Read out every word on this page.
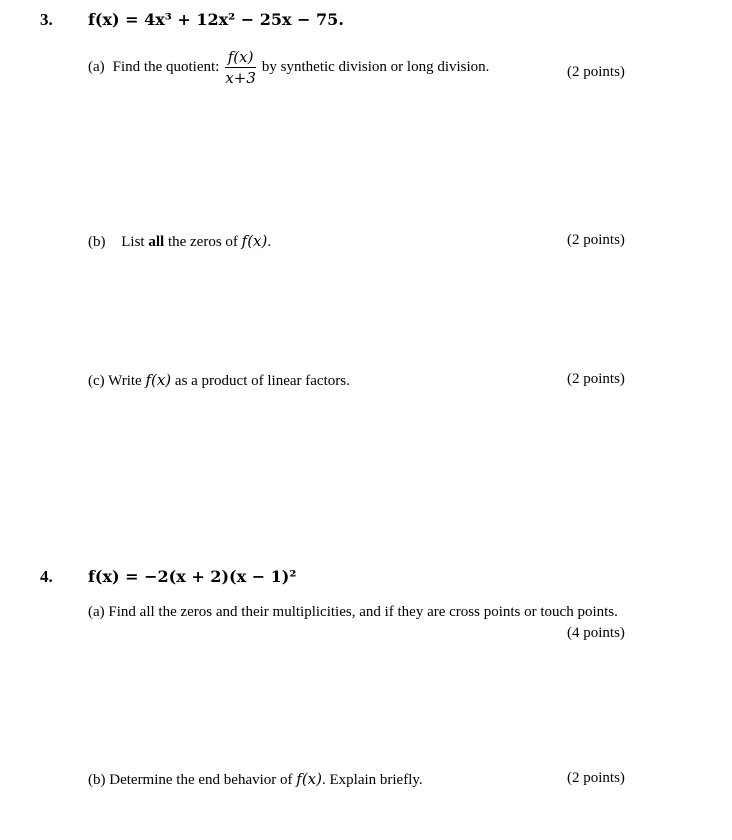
3. f(x) = 4x³ + 12x² − 25x − 75.
(a) Find the quotient: $\frac{f(x)}{x+3}$ by synthetic division or long division.	(2 points)
(b) List all the zeros of f(x).	(2 points)
(c) Write f(x) as a product of linear factors.	(2 points)
4. f(x) = −2(x + 2)(x − 1)²
(a) Find all the zeros and their multiplicities, and if they are cross points or touch points.
(4 points)
(b) Determine the end behavior of f(x). Explain briefly.	(2 points)
